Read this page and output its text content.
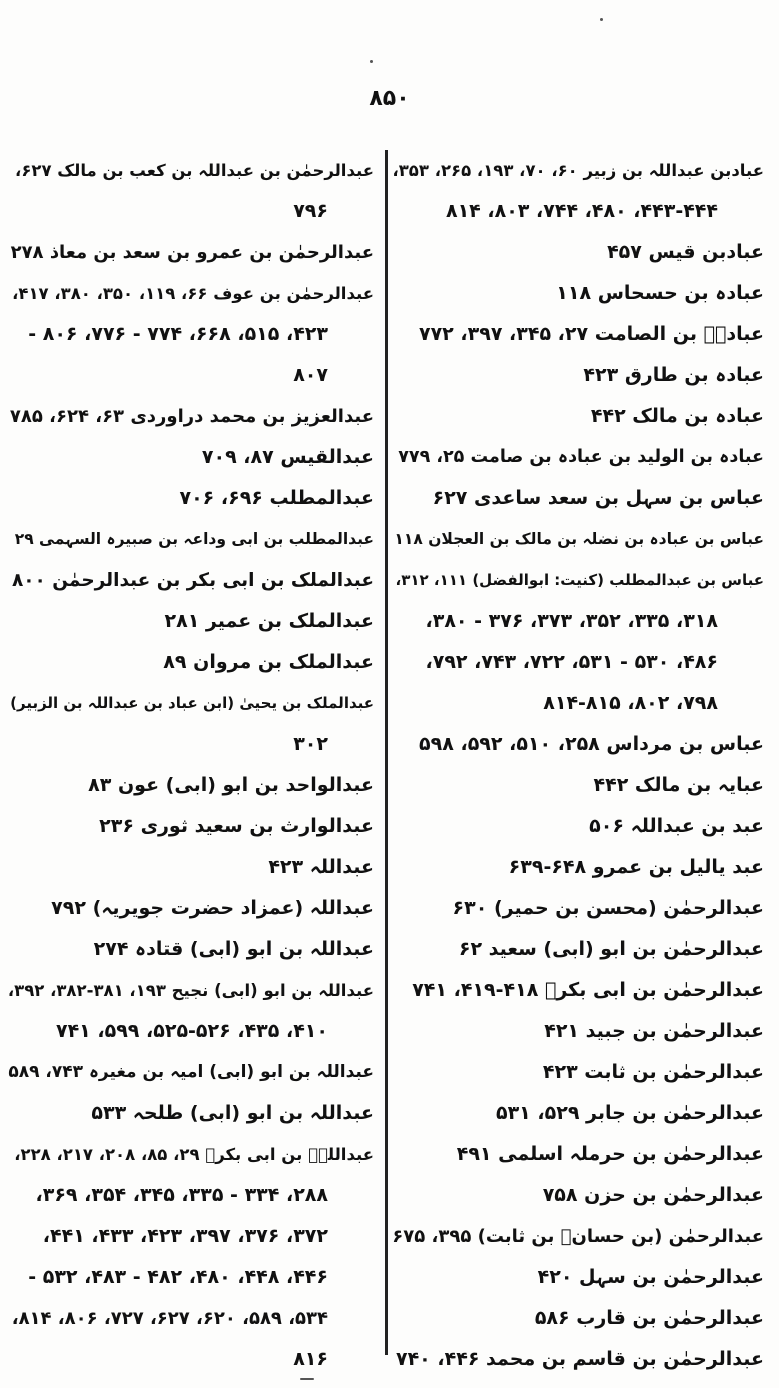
۸۵۰
عبادبن عبداللہ بن زبیر ۶۰، ۷۰، ۱۹۳، ۲۶۵، ۳۵۳،
۴۴۳-۴۴۴، ۴۸۰، ۷۴۴، ۸۰۳، ۸۱۴
عبادبن قیس ۴۵۷
عبادہ بن حسحاس ۱۱۸
عبادہؓ بن الصامت ۲۷، ۳۴۵، ۳۹۷، ۷۷۲
عبادہ بن طارق ۴۲۳
عبادہ بن مالک ۴۴۲
عبادہ بن الولید بن عبادہ بن صامت ۲۵، ۷۷۹
عباس بن سہل بن سعد ساعدی ۶۲۷
عباس بن عبادہ بن نضلہ بن مالک بن العجلان ۱۱۸
عباس بن عبدالمطلب (کنیت: ابوالفضل) ۱۱۱، ۳۱۲،
۳۱۸، ۳۳۵، ۳۵۲، ۳۷۳، ۳۷۶ - ۳۸۰،
۴۸۶، ۵۳۰ - ۵۳۱، ۷۲۲، ۷۴۳، ۷۹۲،
۷۹۸، ۸۰۲، ۸۱۴-۸۱۵
عباس بن مرداس ۲۵۸، ۵۱۰، ۵۹۲، ۵۹۸
عبایہ بن مالک ۴۴۲
عبد بن عبداللہ ۵۰۶
عبد یالیل بن عمرو ۶۴۸-۶۳۹
عبدالرحمٰن (محسن بن حمیر) ۶۳۰
عبدالرحمٰن بن ابو (ابی) سعید ۶۲
عبدالرحمٰن بن ابی بکرؓ ۴۱۸-۴۱۹، ۷۴۱
عبدالرحمٰن بن جبید ۴۲۱
عبدالرحمٰن بن ثابت ۴۲۳
عبدالرحمٰن بن جابر ۵۲۹، ۵۳۱
عبدالرحمٰن بن حرملہ اسلمی ۴۹۱
عبدالرحمٰن بن حزن ۷۵۸
عبدالرحمٰن (بن حسانؓ بن ثابت) ۳۹۵، ۶۷۵
عبدالرحمٰن بن سہل ۴۲۰
عبدالرحمٰن بن قارب ۵۸۶
عبدالرحمٰن بن قاسم بن محمد ۴۴۶، ۷۴۰
عبدالرحمٰن بن عبداللہ بن کعب بن مالک ۶۲۷،
۷۹۶
عبدالرحمٰن بن عمرو بن سعد بن معاذ ۲۷۸
عبدالرحمٰن بن عوف ۶۶، ۱۱۹، ۳۵۰، ۳۸۰، ۴۱۷،
۴۲۳، ۵۱۵، ۶۶۸، ۷۷۴ - ۷۷۶، ۸۰۶ -
۸۰۷
عبدالعزیز بن محمد دراوردی ۶۳، ۶۲۴، ۷۸۵
عبدالقیس ۸۷، ۷۰۹
عبدالمطلب ۶۹۶، ۷۰۶
عبدالمطلب بن ابی وداعہ بن صبیرہ السہمی ۲۹
عبدالملک بن ابی بکر بن عبدالرحمٰن ۸۰۰
عبدالملک بن عمیر ۲۸۱
عبدالملک بن مروان ۸۹
عبدالملک بن یحییٰ (ابن عباد بن عبداللہ بن الزبیر)
۳۰۲
عبدالواحد بن ابو (ابی) عون ۸۳
عبدالوارث بن سعید ثوری ۲۳۶
عبداللہ ۴۲۳
عبداللہ (عمزاد حضرت جویریہ) ۷۹۲
عبداللہ بن ابو (ابی) قتادہ ۲۷۴
عبداللہ بن ابو (ابی) نجیح ۱۹۳، ۳۸۱-۳۸۲، ۳۹۲،
۴۱۰، ۴۳۵، ۵۲۵-۵۲۶، ۵۹۹، ۷۴۱
عبداللہ بن ابو (ابی) امیہ بن مغیرہ ۷۴۳، ۵۸۹
عبداللہ بن ابو (ابی) طلحہ ۵۳۳
عبداللہؓ بن ابی بکرؓ ۲۹، ۸۵، ۲۰۸، ۲۱۷، ۲۲۸،
۲۸۸، ۳۳۴ - ۳۳۵، ۳۴۵، ۳۵۴، ۳۶۹،
۳۷۲، ۳۷۶، ۳۹۷، ۴۲۳، ۴۳۳، ۴۴۱،
۴۴۶، ۴۴۸، ۴۸۰، ۴۸۲ - ۴۸۳، ۵۳۲ -
۵۳۴، ۵۸۹، ۶۲۰، ۶۲۷، ۷۲۷، ۸۰۶، ۸۱۴،
۸۱۶
